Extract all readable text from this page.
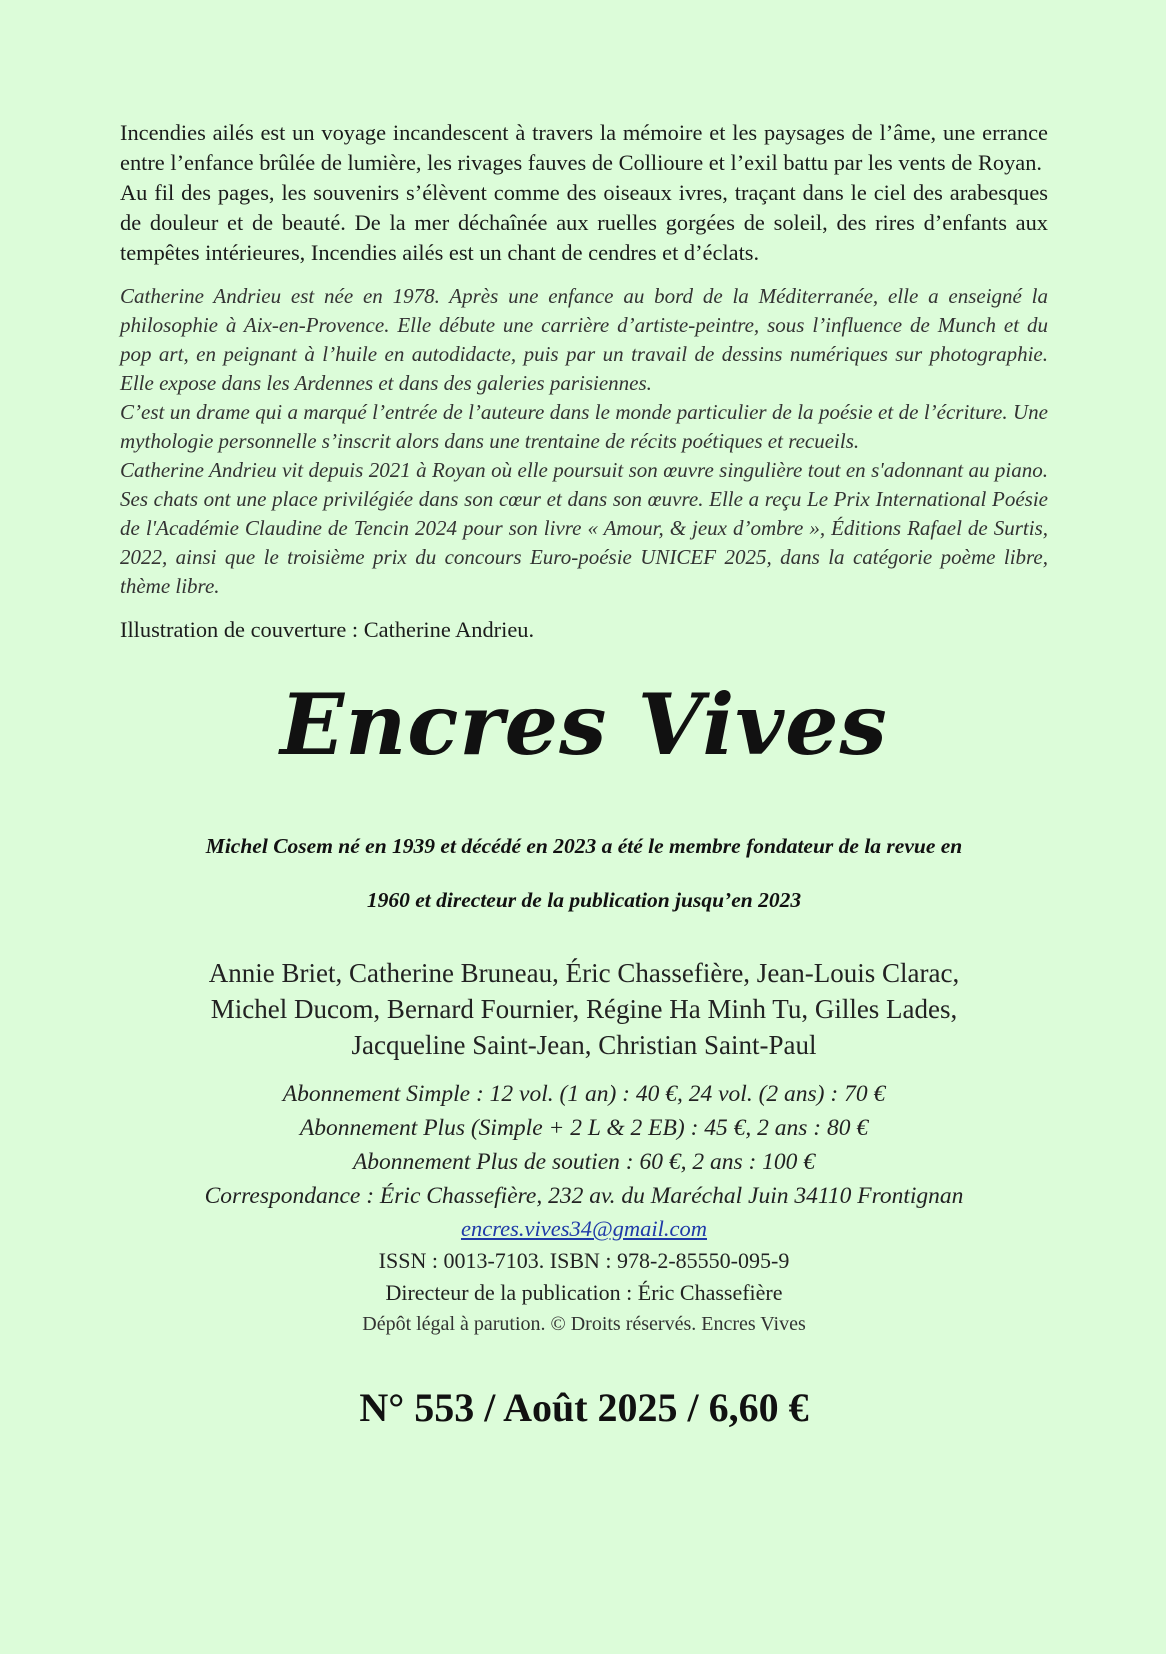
Incendies ailés est un voyage incandescent à travers la mémoire et les paysages de l’âme, une errance entre l’enfance brûlée de lumière, les rivages fauves de Collioure et l’exil battu par les vents de Royan.

Au fil des pages, les souvenirs s’élèvent comme des oiseaux ivres, traçant dans le ciel des arabesques de douleur et de beauté. De la mer déchaînée aux ruelles gorgées de soleil, des rires d’enfants aux tempêtes intérieures, Incendies ailés est un chant de cendres et d’éclats.

Catherine Andrieu est née en 1978. Après une enfance au bord de la Méditerranée, elle a enseigné la philosophie à Aix-en-Provence. Elle débute une carrière d’artiste-peintre, sous l’influence de Munch et du pop art, en peignant à l’huile en autodidacte, puis par un travail de dessins numériques sur photographie. Elle expose dans les Ardennes et dans des galeries parisiennes.

C’est un drame qui a marqué l’entrée de l’auteure dans le monde particulier de la poésie et de l’écriture. Une mythologie personnelle s’inscrit alors dans une trentaine de récits poétiques et recueils.

Catherine Andrieu vit depuis 2021 à Royan où elle poursuit son œuvre singulière tout en s'adonnant au piano. Ses chats ont une place privilégiée dans son cœur et dans son œuvre. Elle a reçu Le Prix International Poésie de l'Académie Claudine de Tencin 2024 pour son livre « Amour, & jeux d’ombre », Éditions Rafael de Surtis, 2022, ainsi que le troisième prix du concours Euro-poésie UNICEF 2025, dans la catégorie poème libre, thème libre.

Illustration de couverture : Catherine Andrieu.
Encres Vives
Michel Cosem né en 1939 et décédé en 2023 a été le membre fondateur de la revue en
1960 et directeur de la publication jusqu’en 2023
Annie Briet, Catherine Bruneau, Éric Chassefière, Jean-Louis Clarac,
Michel Ducom, Bernard Fournier, Régine Ha Minh Tu, Gilles Lades,
Jacqueline Saint-Jean, Christian Saint-Paul
Abonnement Simple : 12 vol. (1 an) : 40 €, 24 vol. (2 ans) : 70 €
Abonnement Plus (Simple + 2 L & 2 EB) : 45 €, 2 ans : 80 €
Abonnement Plus de soutien : 60 €, 2 ans : 100 €
Correspondance : Éric Chassefière, 232 av. du Maréchal Juin 34110 Frontignan
encres.vives34@gmail.com
ISSN : 0013-7103. ISBN : 978-2-85550-095-9
Directeur de la publication : Éric Chassefière
Dépôt légal à parution. © Droits réservés. Encres Vives
N° 553 / Août 2025 / 6,60 €
